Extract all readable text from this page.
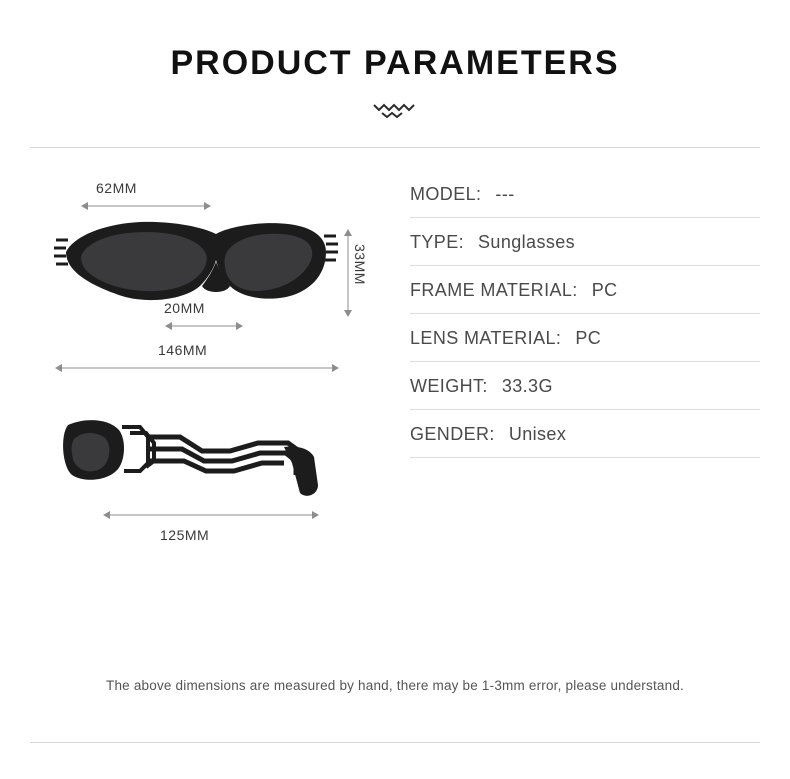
PRODUCT PARAMETERS
62MM
20MM
33MM
146MM
125MM
MODEL: ---
TYPE: Sunglasses
FRAME MATERIAL: PC
LENS MATERIAL: PC
WEIGHT: 33.3G
GENDER: Unisex
The above dimensions are measured by hand, there may be 1-3mm error, please understand.
